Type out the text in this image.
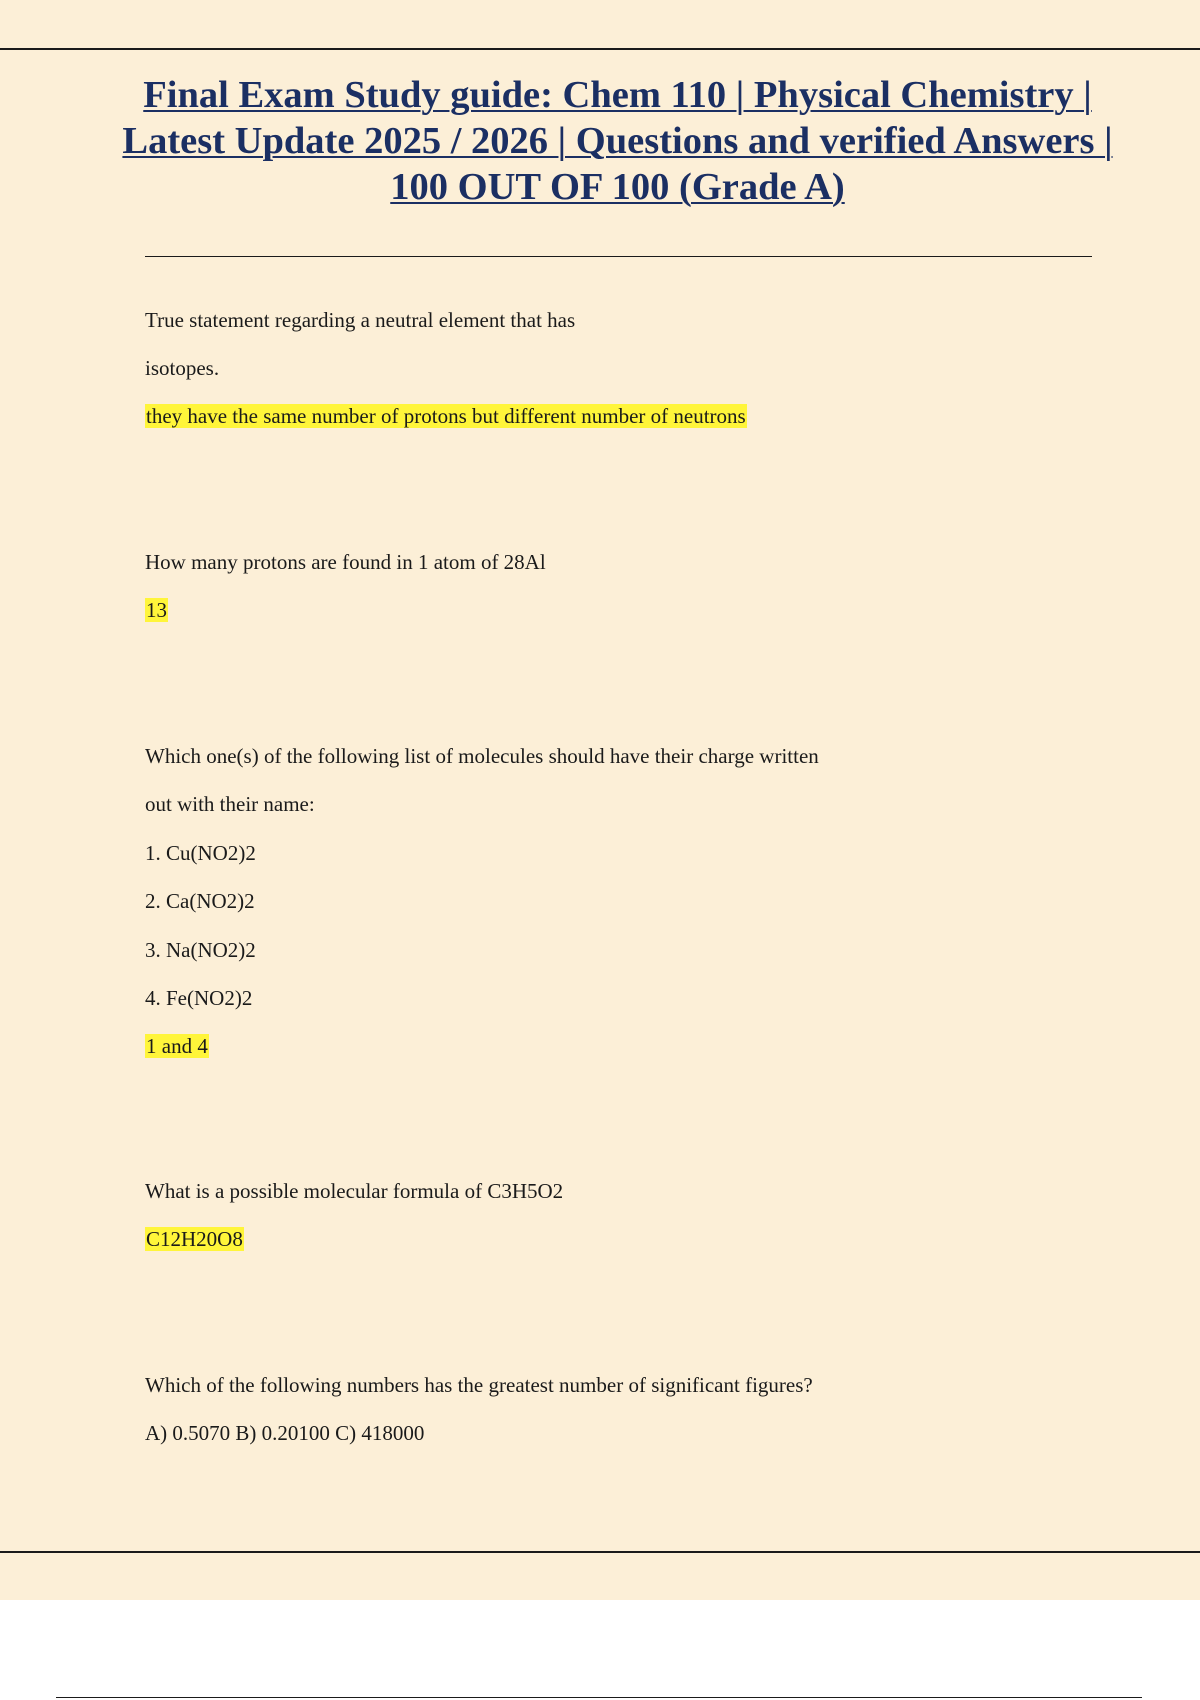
Final Exam Study guide: Chem 110 | Physical Chemistry | Latest Update 2025 / 2026 | Questions and verified Answers | 100 OUT OF 100 (Grade A)
True statement regarding a neutral element that has
isotopes.
they have the same number of protons but different number of neutrons
How many protons are found in 1 atom of 28Al
13
Which one(s) of the following list of molecules should have their charge written
out with their name:
1. Cu(NO2)2
2. Ca(NO2)2
3. Na(NO2)2
4. Fe(NO2)2
1 and 4
What is a possible molecular formula of C3H5O2
C12H20O8
Which of the following numbers has the greatest number of significant figures?
A) 0.5070 B) 0.20100 C) 418000
